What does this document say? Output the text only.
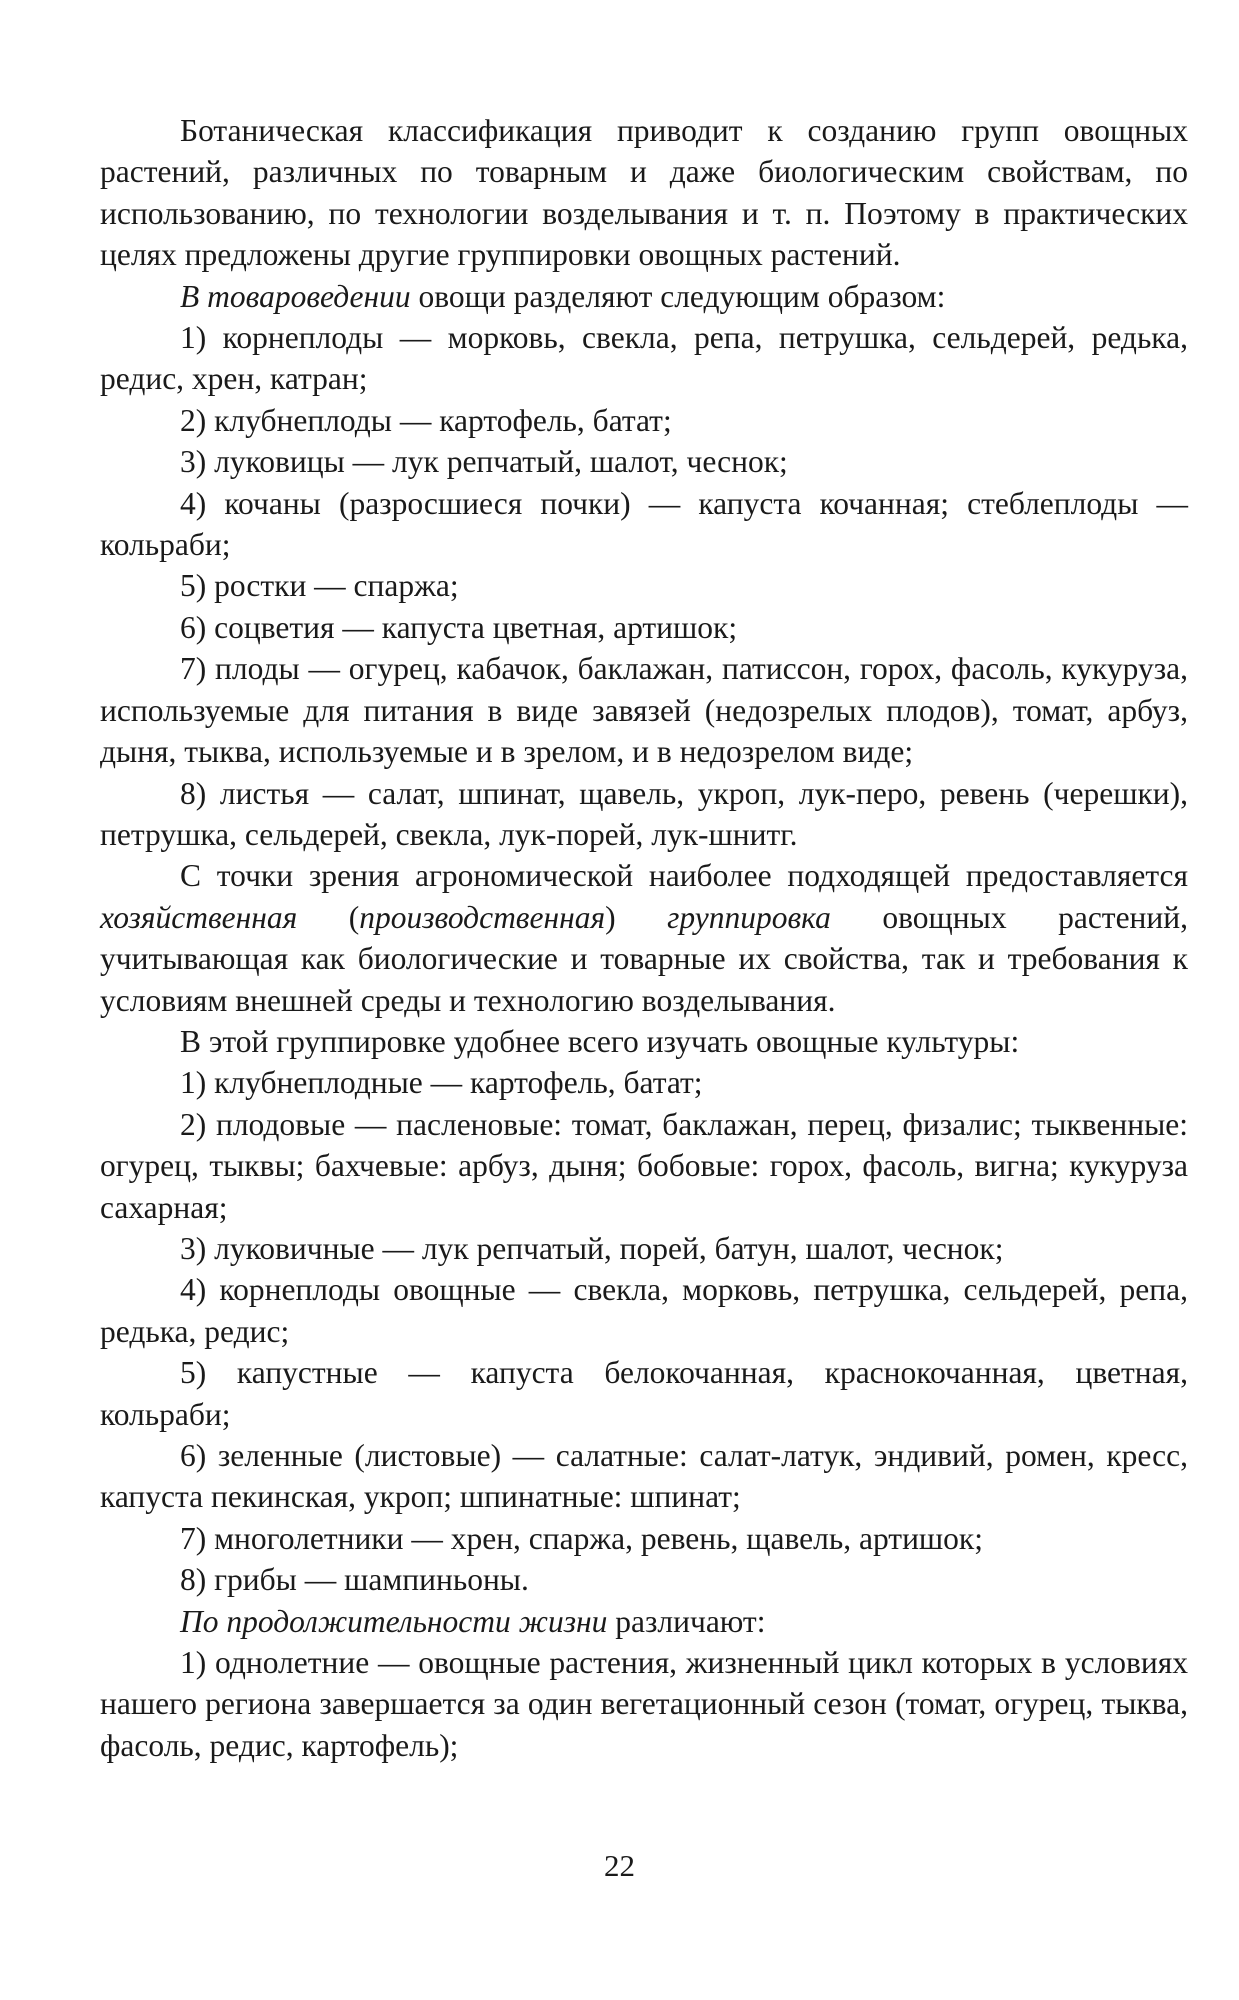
Ботаническая классификация приводит к созданию групп овощных растений, различных по товарным и даже биологическим свойствам, по использованию, по технологии возделывания и т. п. Поэтому в практических целях предложены другие группировки овощных растений.

В товароведении овощи разделяют следующим образом:

1) корнеплоды — морковь, свекла, репа, петрушка, сельдерей, редька, редис, хрен, катран;

2) клубнеплоды — картофель, батат;

3) луковицы — лук репчатый, шалот, чеснок;

4) кочаны (разросшиеся почки) — капуста кочанная; стеблеплоды — кольраби;

5) ростки — спаржа;

6) соцветия — капуста цветная, артишок;

7) плоды — огурец, кабачок, баклажан, патиссон, горох, фасоль, кукуруза, используемые для питания в виде завязей (недозрелых плодов), томат, арбуз, дыня, тыква, используемые и в зрелом, и в недозрелом виде;

8) листья — салат, шпинат, щавель, укроп, лук-перо, ревень (черешки), петрушка, сельдерей, свекла, лук-порей, лук-шнитг.

С точки зрения агрономической наиболее подходящей предоставляется хозяйственная (производственная) группировка овощных растений, учитывающая как биологические и товарные их свойства, так и требования к условиям внешней среды и технологию возделывания.

В этой группировке удобнее всего изучать овощные культуры:

1) клубнеплодные — картофель, батат;

2) плодовые — пасленовые: томат, баклажан, перец, физалис; тыквенные: огурец, тыквы; бахчевые: арбуз, дыня; бобовые: горох, фасоль, вигна; кукуруза сахарная;

3) луковичные — лук репчатый, порей, батун, шалот, чеснок;

4) корнеплоды овощные — свекла, морковь, петрушка, сельдерей, репа, редька, редис;

5) капустные — капуста белокочанная, краснокочанная, цветная, кольраби;

6) зеленные (листовые) — салатные: салат-латук, эндивий, ромен, кресс, капуста пекинская, укроп; шпинатные: шпинат;

7) многолетники — хрен, спаржа, ревень, щавель, артишок;

8) грибы — шампиньоны.

По продолжительности жизни различают:

1) однолетние — овощные растения, жизненный цикл которых в условиях нашего региона завершается за один вегетационный сезон (томат, огурец, тыква, фасоль, редис, картофель);

22
